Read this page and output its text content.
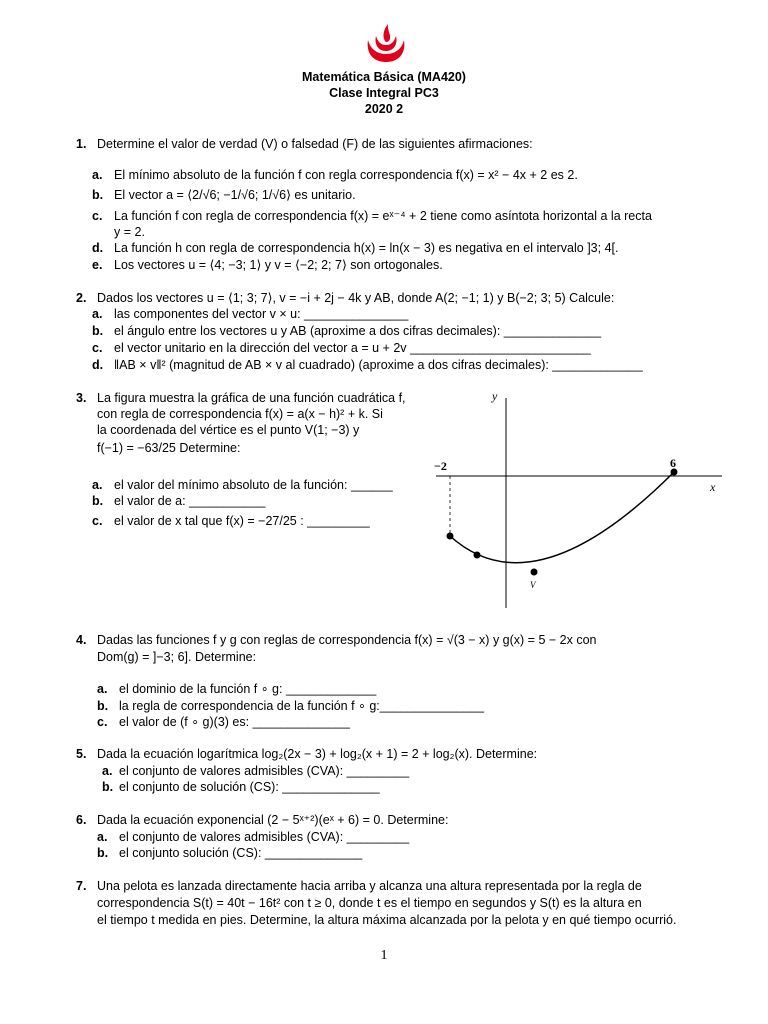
Matemática Básica (MA420)
Clase Integral PC3
2020 2
1. Determine el valor de verdad (V) o falsedad (F) de las siguientes afirmaciones:
a. El mínimo absoluto de la función f con regla correspondencia f(x) = x² − 4x + 2 es 2.
b. El vector a = ⟨2/√6; −1/√6; 1/√6⟩ es unitario.
c. La función f con regla de correspondencia f(x) = eˣ⁻⁴ + 2 tiene como asíntota horizontal a la recta
y = 2.
d. La función h con regla de correspondencia h(x) = ln(x − 3) es negativa en el intervalo ]3; 4[.
e. Los vectores u = ⟨4; −3; 1⟩ y v = ⟨−2; 2; 7⟩ son ortogonales.
2. Dados los vectores u = ⟨1; 3; 7⟩, v = −i + 2j − 4k y AB, donde A(2; −1; 1) y B(−2; 3; 5) Calcule:
a. las componentes del vector v × u: _______________
b. el ángulo entre los vectores u y AB (aproxime a dos cifras decimales): ______________
c. el vector unitario en la dirección del vector a = u + 2v __________________________
d. ‖AB × v‖² (magnitud de AB × v al cuadrado) (aproxime a dos cifras decimales): _____________
3. La figura muestra la gráfica de una función cuadrática f,
con regla de correspondencia f(x) = a(x − h)² + k. Si
la coordenada del vértice es el punto V(1; −3) y
f(−1) = −63/25 Determine:
a. el valor del mínimo absoluto de la función: ______
b. el valor de a: ___________
c. el valor de x tal que f(x) = −27/25 : _________
y
x
−2	6
V
4. Dadas las funciones f y g con reglas de correspondencia f(x) = √(3 − x) y g(x) = 5 − 2x con
Dom(g) = ]−3; 6]. Determine:
a. el dominio de la función f ∘ g: _____________
b. la regla de correspondencia de la función f ∘ g:_______________
c. el valor de (f ∘ g)(3) es: ______________
5. Dada la ecuación logarítmica log₂(2x − 3) + log₂(x + 1) = 2 + log₂(x). Determine:
a. el conjunto de valores admisibles (CVA): _________
b. el conjunto de solución (CS): ______________
6. Dada la ecuación exponencial (2 − 5ˣ⁺²)(eˣ + 6) = 0. Determine:
a. el conjunto de valores admisibles (CVA): _________
b. el conjunto solución (CS): ______________
7. Una pelota es lanzada directamente hacia arriba y alcanza una altura representada por la regla de
correspondencia S(t) = 40t − 16t² con t ≥ 0, donde t es el tiempo en segundos y S(t) es la altura en
el tiempo t medida en pies. Determine, la altura máxima alcanzada por la pelota y en qué tiempo ocurrió.
1
